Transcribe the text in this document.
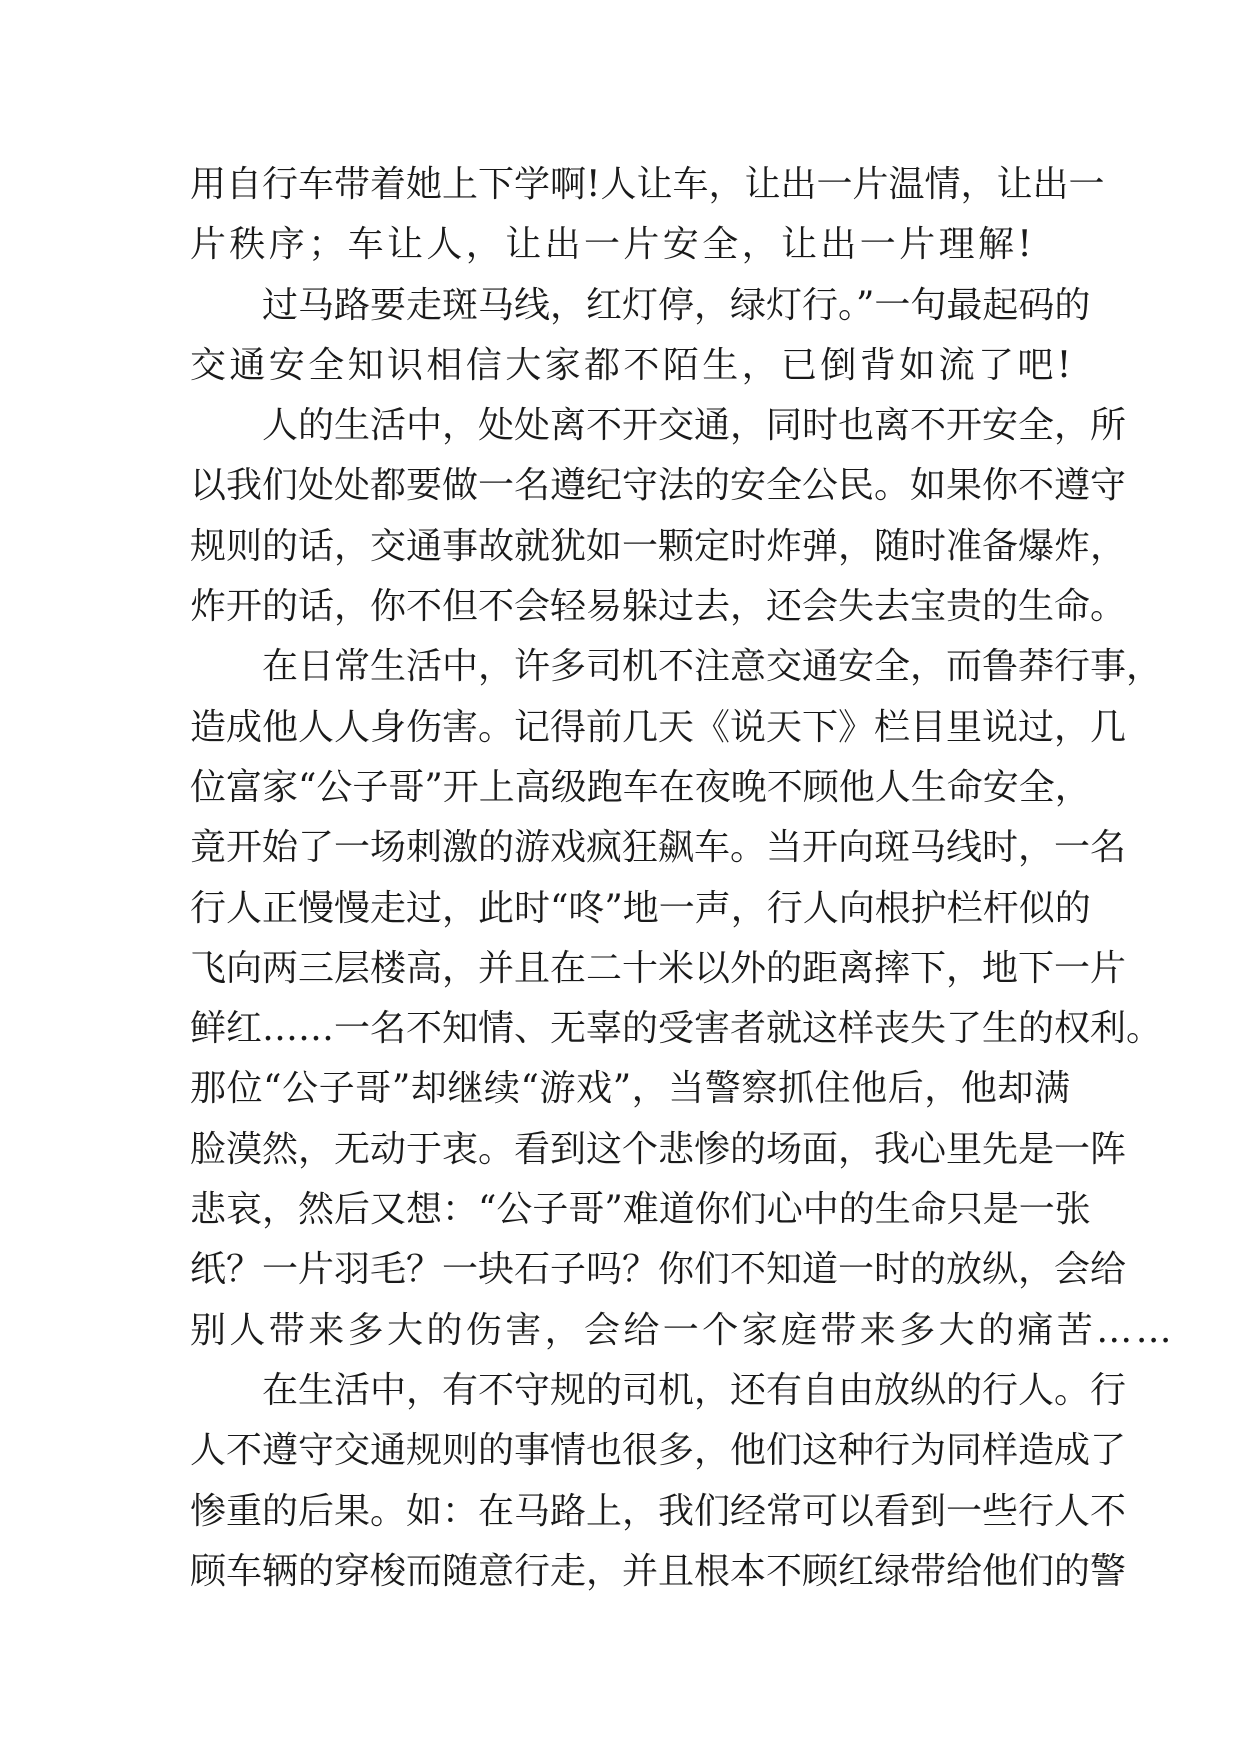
用自行车带着她上下学啊!人让车，让出一片温情，让出一
片秩序；车让人，让出一片安全，让出一片理解!
过马路要走斑马线，红灯停，绿灯行。”一句最起码的
交通安全知识相信大家都不陌生，已倒背如流了吧!
人的生活中，处处离不开交通，同时也离不开安全，所
以我们处处都要做一名遵纪守法的安全公民。如果你不遵守
规则的话，交通事故就犹如一颗定时炸弹，随时准备爆炸，
炸开的话，你不但不会轻易躲过去，还会失去宝贵的生命。
在日常生活中，许多司机不注意交通安全，而鲁莽行事，
造成他人人身伤害。记得前几天《说天下》栏目里说过，几
位富家“公子哥”开上高级跑车在夜晚不顾他人生命安全，
竟开始了一场刺激的游戏疯狂飙车。当开向斑马线时，一名
行人正慢慢走过，此时“咚”地一声，行人向根护栏杆似的
飞向两三层楼高，并且在二十米以外的距离摔下，地下一片
鲜红……一名不知情、无辜的受害者就这样丧失了生的权利。
那位“公子哥”却继续“游戏”，当警察抓住他后，他却满
脸漠然，无动于衷。看到这个悲惨的场面，我心里先是一阵
悲哀，然后又想：“公子哥”难道你们心中的生命只是一张
纸？一片羽毛？一块石子吗？你们不知道一时的放纵，会给
别人带来多大的伤害，会给一个家庭带来多大的痛苦……
在生活中，有不守规的司机，还有自由放纵的行人。行
人不遵守交通规则的事情也很多，他们这种行为同样造成了
惨重的后果。如：在马路上，我们经常可以看到一些行人不
顾车辆的穿梭而随意行走，并且根本不顾红绿带给他们的警
